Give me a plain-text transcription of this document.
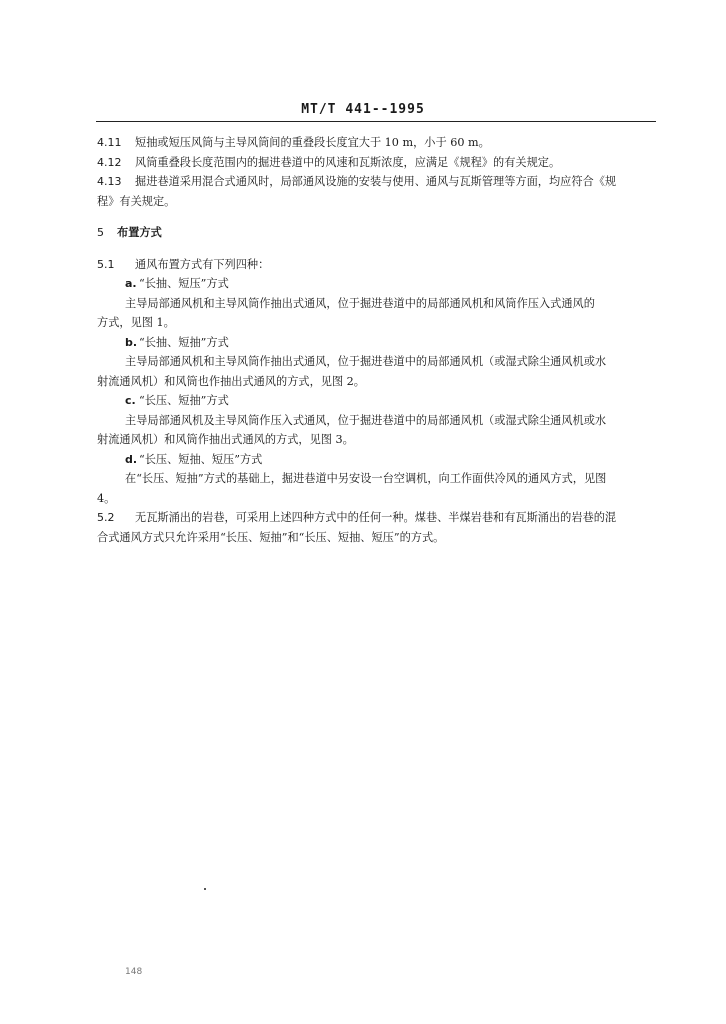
MT/T 441--1995
4.11 短抽或短压风筒与主导风筒间的重叠段长度宜大于 10 m，小于 60 m。
4.12 风筒重叠段长度范围内的掘进巷道中的风速和瓦斯浓度，应满足《规程》的有关规定。
4.13 掘进巷道采用混合式通风时，局部通风设施的安装与使用、通风与瓦斯管理等方面，均应符合《规
程》有关规定。
5 布置方式
5.1 通风布置方式有下列四种：
a. “长抽、短压”方式
主导局部通风机和主导风筒作抽出式通风，位于掘进巷道中的局部通风机和风筒作压入式通风的
方式，见图 1。
b. “长抽、短抽”方式
主导局部通风机和主导风筒作抽出式通风，位于掘进巷道中的局部通风机（或湿式除尘通风机或水
射流通风机）和风筒也作抽出式通风的方式，见图 2。
c. “长压、短抽”方式
主导局部通风机及主导风筒作压入式通风，位于掘进巷道中的局部通风机（或湿式除尘通风机或水
射流通风机）和风筒作抽出式通风的方式，见图 3。
d. “长压、短抽、短压”方式
在“长压、短抽”方式的基础上，掘进巷道中另安设一台空调机，向工作面供冷风的通风方式，见图
4。
5.2 无瓦斯涌出的岩巷，可采用上述四种方式中的任何一种。煤巷、半煤岩巷和有瓦斯涌出的岩巷的混
合式通风方式只允许采用“长压、短抽”和“长压、短抽、短压”的方式。
148
